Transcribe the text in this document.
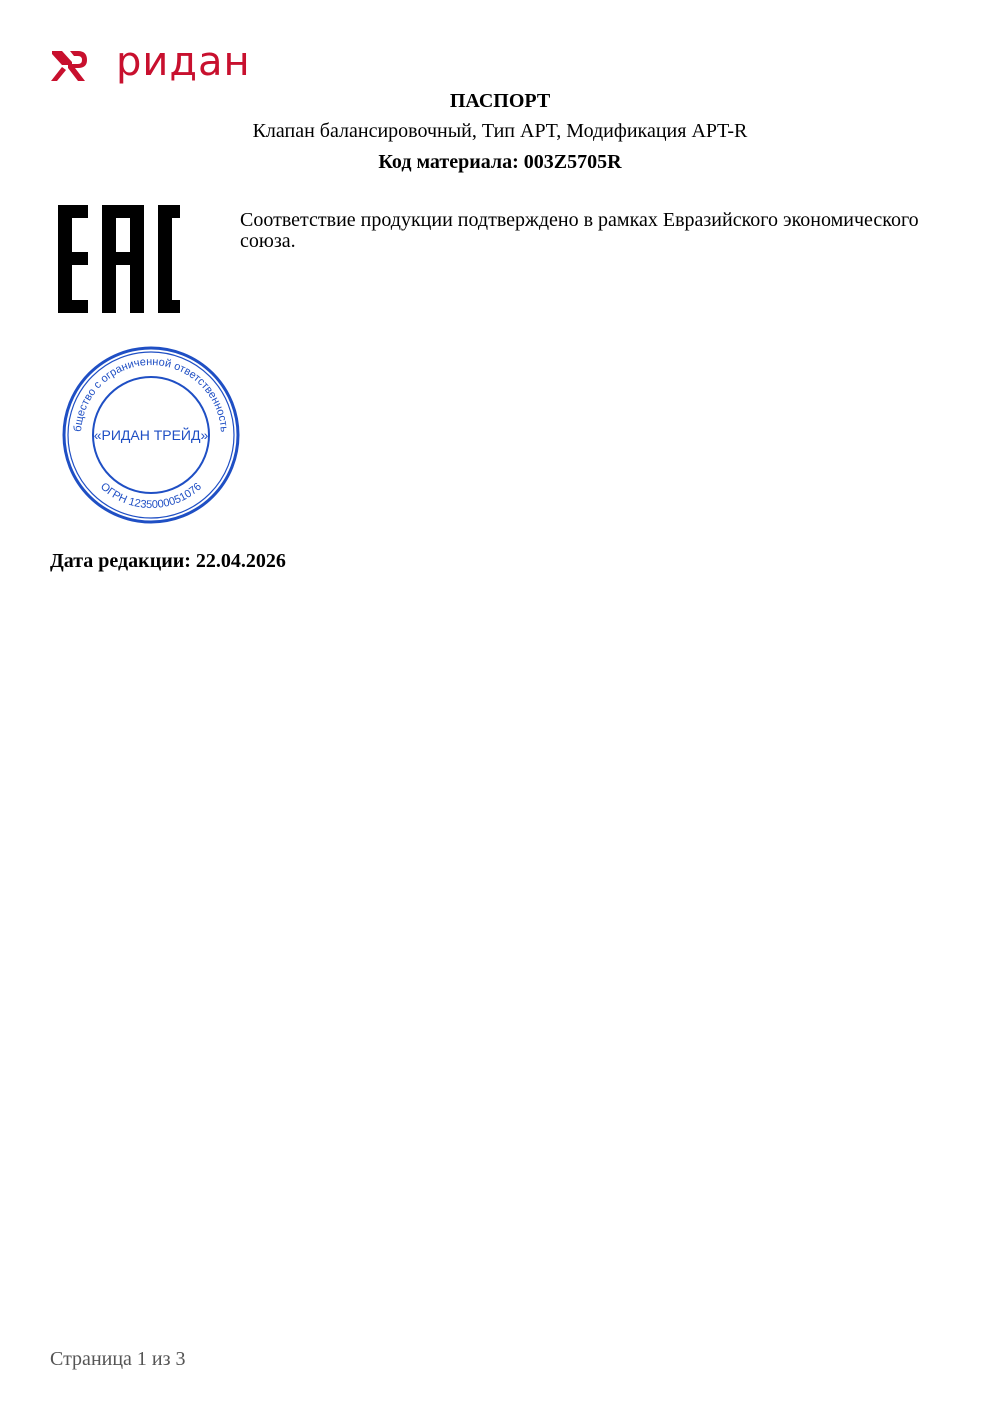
ридан
ПАСПОРТ
Клапан балансировочный, Тип APT, Модификация APT-R
Код материала: 003Z5705R
Соответствие продукции подтверждено в рамках Евразийского экономического союза.
бщество с ограниченной ответственность
ОГРН 1235000051076
«РИДАН ТРЕЙД»
Дата редакции: 22.04.2026
Страница 1 из 3
